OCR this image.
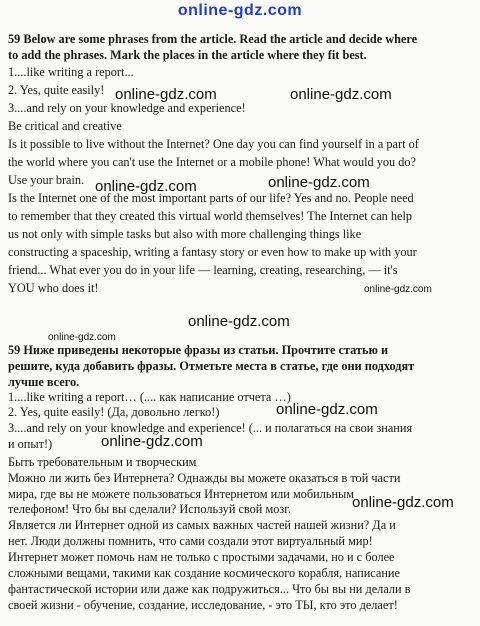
online-gdz.com
59 Below are some phrases from the article. Read the article and decide where
to add the phrases. Mark the places in the article where they fit best.
1....like writing a report...
2. Yes, quite easily!
3....and rely on your knowledge and experience!
Be critical and creative
Is it possible to live without the Internet? One day you can find yourself in a part of
the world where you can't use the Internet or a mobile phone! What would you do?
Use your brain.
Is the Internet one of the most important parts of our life? Yes and no. People need
to remember that they created this virtual world themselves! The Internet can help
us not only with simple tasks but also with more challenging things like
constructing a spaceship, writing a fantasy story or even how to make up with your
friend... What ever you do in your life — learning, creating, researching, — it's
YOU who does it!
59 Ниже приведены некоторые фразы из статьи. Прочтите статью и
решите, куда добавить фразы. Отметьте места в статье, где они подходят
лучше всего.
1....like writing a report… (.... как написание отчета …)
2. Yes, quite easily! (Да, довольно легко!)
3....and rely on your knowledge and experience! (... и полагаться на свои знания
и опыт!)
Быть требовательным и творческим
Можно ли жить без Интернета? Однажды вы можете оказаться в той части
мира, где вы не можете пользоваться Интернетом или мобильным
телефоном! Что бы вы сделали? Используй свой мозг.
Является ли Интернет одной из самых важных частей нашей жизни? Да и
нет. Люди должны помнить, что сами создали этот виртуальный мир!
Интернет может помочь нам не только с простыми задачами, но и с более
сложными вещами, такими как создание космического корабля, написание
фантастической истории или даже как подружиться... Что бы вы ни делали в
своей жизни - обучение, создание, исследование, - это ТЫ, кто это делает!
online-gdz.com	online-gdz.com
online-gdz.com	online-gdz.com
online-gdz.com
online-gdz.com
online-gdz.com
online-gdz.com
online-gdz.com
online-gdz.com
